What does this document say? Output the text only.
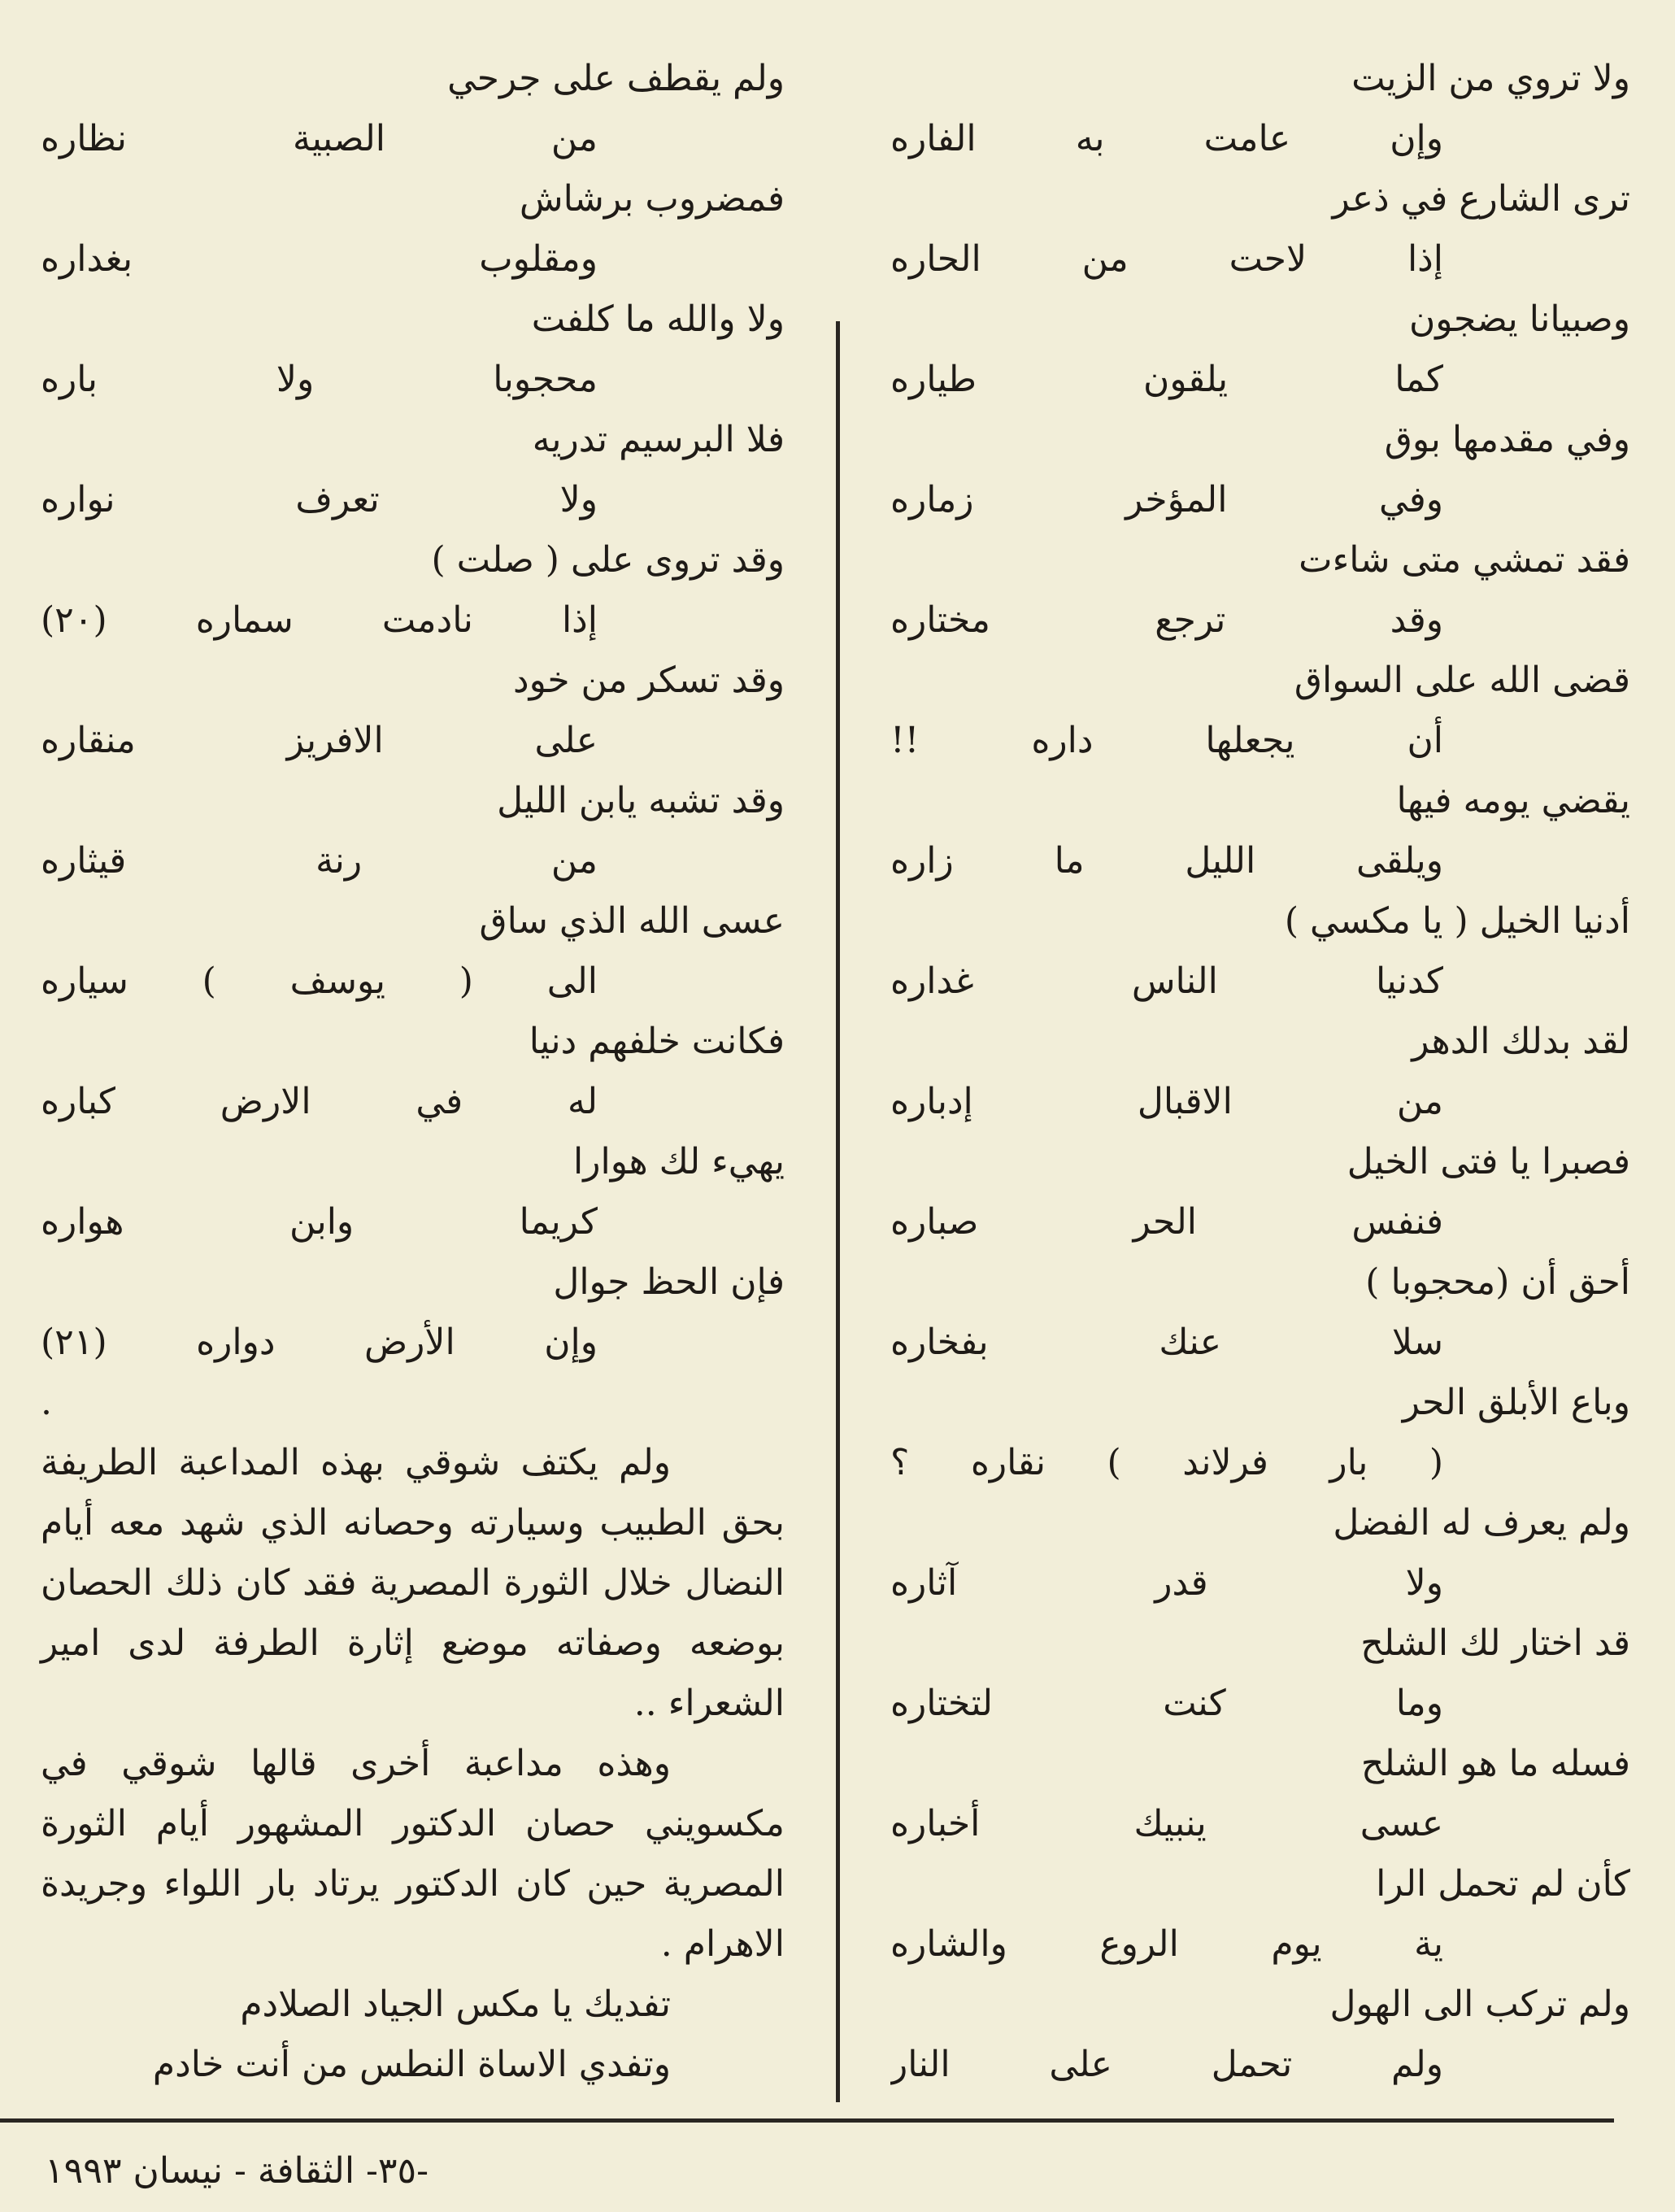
ولا تروي من الزيت
وإن عامت به الفاره
ترى الشارع في ذعر
إذا لاحت من الحاره
وصبيانا يضجون
كما يلقون طياره
وفي مقدمها بوق
وفي المؤخر زماره
فقد تمشي متى شاءت
وقد ترجع مختاره
قضى الله على السواق
أن يجعلها داره !!
يقضي يومه فيها
ويلقى الليل ما زاره
أدنيا الخيل ( يا مكسي )
كدنيا الناس غداره
لقد بدلك الدهر
من الاقبال إدباره
فصبرا يا فتى الخيل
فنفس الحر صباره
أحق أن (محجوبا )
سلا عنك بفخاره
وباع الأبلق الحر
( بار فرلاند ) نقاره ؟
ولم يعرف له الفضل
ولا قدر آثاره
قد اختار لك الشلح
وما كنت لتختاره
فسله ما هو الشلح
عسى ينبيك أخباره
كأن لم تحمل الرا
ية يوم الروع والشاره
ولم تركب الى الهول
ولم تحمل على النار
ولم يقطف على جرحي
من الصبية نظاره
فمضروب برشاش
ومقلوب بغداره
ولا والله ما كلفت
محجوبا ولا باره
فلا البرسيم تدريه
ولا تعرف نواره
وقد تروى على ( صلت )
إذا نادمت سماره (٢٠)
وقد تسكر من خود
على الافريز منقاره
وقد تشبه يابن الليل
من رنة قيثاره
عسى الله الذي ساق
الى ( يوسف ) سياره
فكانت خلفهم دنيا
له في الارض كباره
يهيء لك هوارا
كريما وابن هواره
فإن الحظ جوال
وإن الأرض دواره (٢١)
.

ولم يكتف شوقي بهذه المداعبة الطريفة بحق الطبيب وسيارته وحصانه الذي شهد معه أيام النضال خلال الثورة المصرية فقد كان ذلك الحصان بوضعه وصفاته موضع إثارة الطرفة لدى امير الشعراء ..

وهذه مداعبة أخرى قالها شوقي في مكسويني حصان الدكتور المشهور أيام الثورة المصرية حين كان الدكتور يرتاد بار اللواء وجريدة الاهرام .

تفديك يا مكس الجياد الصلادم
وتفدي الاساة النطس من أنت خادم
-٣٥- الثقافة - نيسان ١٩٩٣
